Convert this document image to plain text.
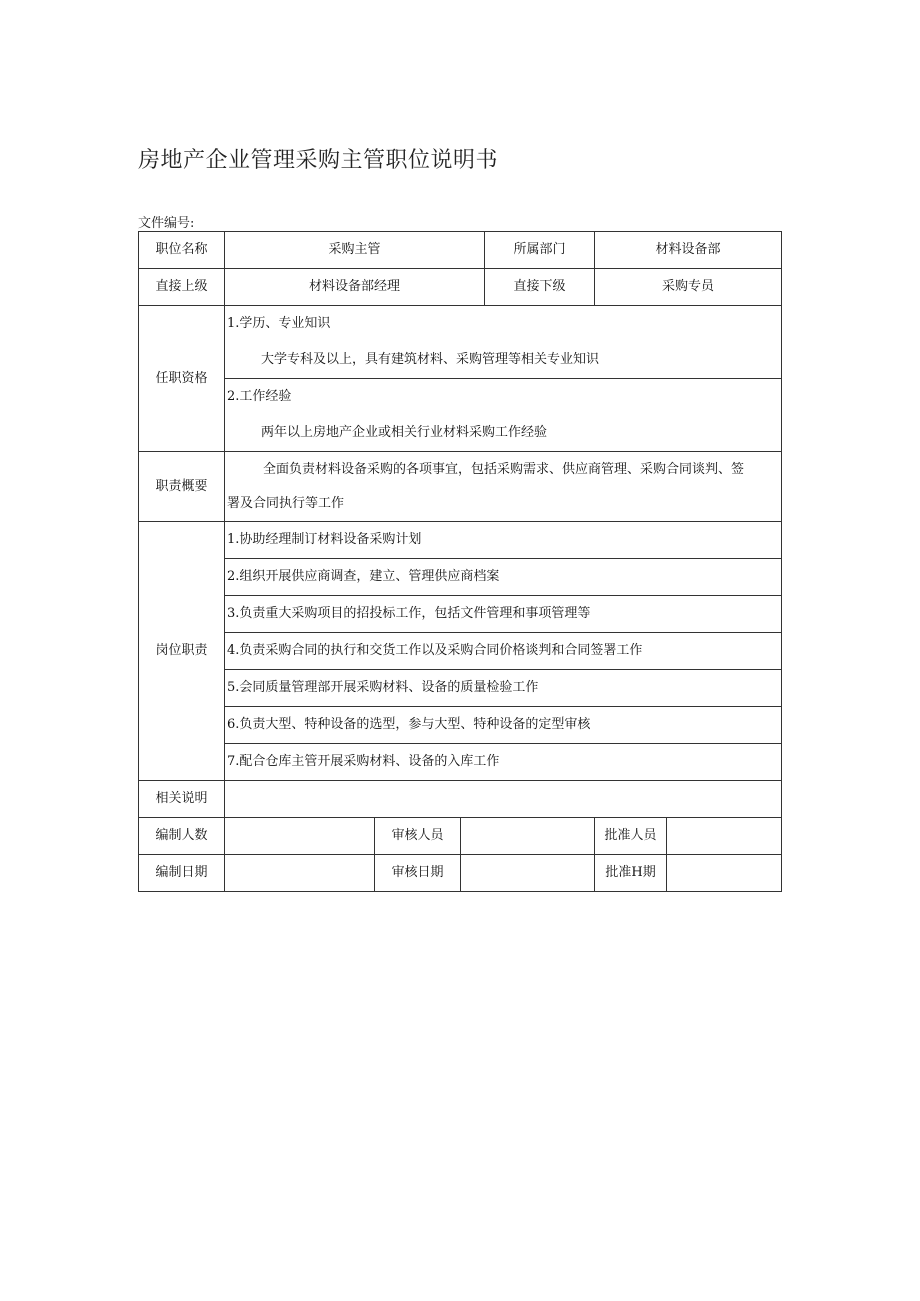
房地产企业管理采购主管职位说明书
文件编号:
职位名称	采购主管			所属部门	材料设备部	
直接上级	材料设备部经理			直接下级	采购专员	
任职资格	1.学历、专业知识					
	大学专科及以上，具有建筑材料、采购管理等相关专业知识					
	2.工作经验					
	两年以上房地产企业或相关行业材料采购工作经验					
职责概要	全面负责材料设备采购的各项事宜，包括采购需求、供应商管理、采购合同谈判、签
署及合同执行等工作					

岗位职责	1.协助经理制订材料设备采购计划					
	2.组织开展供应商调查，建立、管理供应商档案					
	3.负责重大采购项目的招投标工作，包括文件管理和事项管理等					
	4.负责采购合同的执行和交货工作以及采购合同价格谈判和合同签署工作					
	5.会同质量管理部开展采购材料、设备的质量检验工作					
	6.负责大型、特种设备的选型，参与大型、特种设备的定型审核					
	7.配合仓库主管开展采购材料、设备的入库工作					
相关说明						
编制人数		审核人员			批准人员	
编制日期		审核日期			批准H期	
